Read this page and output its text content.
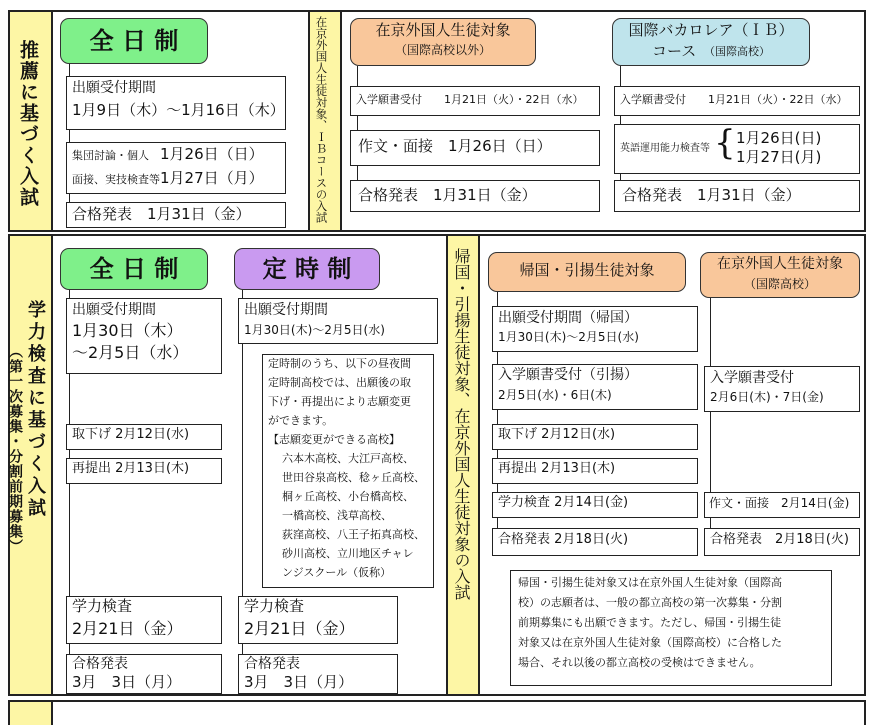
推薦に基づく入試	全 日 制
出願受付期間
1月9日（木）～1月16日（木）
集団討論・個人 1月26日（日）
面接、実技検査等 1月27日（月）
合格発表　1月31日（金）	在京外国人生徒対象、ＩＢコースの入試	在京外国人生徒対象
（国際高校以外）
入学願書受付　　1月21日（火）・22日（水）
作文・面接　1月26日（日）
合格発表　1月31日（金）
国際バカロレア（ＩＢ）
コース （国際高校）
入学願書受付　　1月21日（火）・22日（水）
英語運用能力検査等 { 1月26日(日)
1月27日(月)
合格発表　1月31日（金）
学力検査に基づく入試
（第一次募集・分割前期募集）
全 日 制
出願受付期間
1月30日（木）
～2月5日（水）
取下げ 2月12日(水)
再提出 2月13日(木)
学力検査
2月21日（金）
合格発表
3月　3日（月）
定 時 制
出願受付期間
1月30日(木)～2月5日(水)
定時制のうち、以下の昼夜間
定時制高校では、出願後の取
下げ・再提出により志願変更
ができます。
【志願変更ができる高校】
六本木高校、大江戸高校、
世田谷泉高校、稔ヶ丘高校、
桐ヶ丘高校、小台橋高校、
一橋高校、浅草高校、
荻窪高校、八王子拓真高校、
砂川高校、立川地区チャレ
ンジスクール（仮称）
学力検査
2月21日（金）
合格発表
3月　3日（月）
帰国・引揚生徒対象、在京外国人生徒対象の入試	帰国・引揚生徒対象
出願受付期間（帰国）
1月30日(木)～2月5日(水)
入学願書受付（引揚）
2月5日(水)・6日(木)
取下げ 2月12日(水)
再提出 2月13日(木)
学力検査 2月14日(金)
合格発表 2月18日(火)
在京外国人生徒対象
（国際高校）
入学願書受付
2月6日(木)・7日(金)
作文・面接　2月14日(金)
合格発表　2月18日(火)
帰国・引揚生徒対象又は在京外国人生徒対象（国際高
校）の志願者は、一般の都立高校の第一次募集・分割
前期募集にも出願できます。ただし、帰国・引揚生徒
対象又は在京外国人生徒対象（国際高校）に合格した
場合、それ以後の都立高校の受検はできません。
